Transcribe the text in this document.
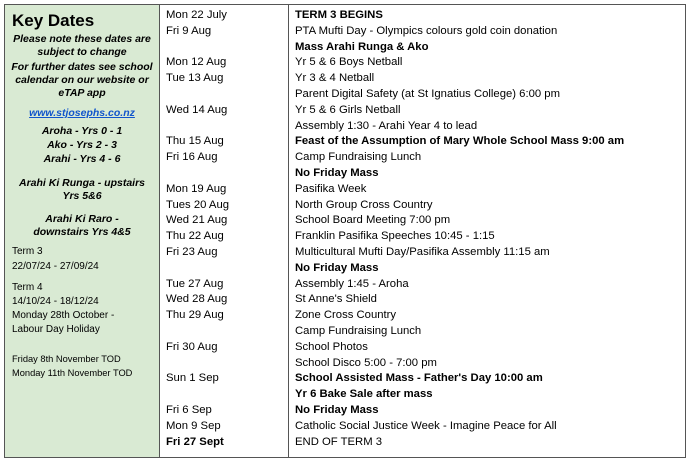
Key Dates
Please note these dates are subject to change
For further dates see school calendar on our website or eTAP app
www.stjosephs.co.nz
Aroha - Yrs 0 - 1
Ako - Yrs 2 - 3
Arahi - Yrs 4 - 6
Arahi Ki Runga - upstairs Yrs 5&6
Arahi Ki Raro - downstairs Yrs 4&5
Term 3
22/07/24 - 27/09/24
Term 4
14/10/24 - 18/12/24
Monday 28th October -
Labour Day Holiday
Friday 8th November TOD
Monday 11th November TOD
Mon 22 July
Fri 9 Aug
Mon 12 Aug
Tue 13 Aug
Wed 14 Aug
Thu 15 Aug
Fri 16 Aug
Mon 19 Aug
Tues 20 Aug
Wed 21 Aug
Thu 22 Aug
Fri 23 Aug
Tue 27 Aug
Wed 28 Aug
Thu 29 Aug
Fri 30 Aug
Sun 1 Sep
Fri 6 Sep
Mon 9 Sep
Fri 27 Sept
TERM 3 BEGINS
PTA Mufti Day - Olympics colours gold coin donation
Mass Arahi Runga & Ako
Yr 5 & 6 Boys Netball
Yr 3 & 4 Netball
Parent Digital Safety (at St Ignatius College) 6:00 pm
Yr 5 & 6 Girls Netball
Assembly 1:30 - Arahi Year 4 to lead
Feast of the Assumption of Mary Whole School Mass 9:00 am
Camp Fundraising Lunch
No Friday Mass
Pasifika Week
North Group Cross Country
School Board Meeting 7:00 pm
Franklin Pasifika Speeches 10:45 - 1:15
Multicultural Mufti Day/Pasifika Assembly 11:15 am
No Friday Mass
Assembly 1:45 - Aroha
St Anne's Shield
Zone Cross Country
Camp Fundraising Lunch
School Photos
School Disco 5:00 - 7:00 pm
School Assisted Mass - Father's Day 10:00 am
Yr 6 Bake Sale after mass
No Friday Mass
Catholic Social Justice Week - Imagine Peace for All
END OF TERM 3
